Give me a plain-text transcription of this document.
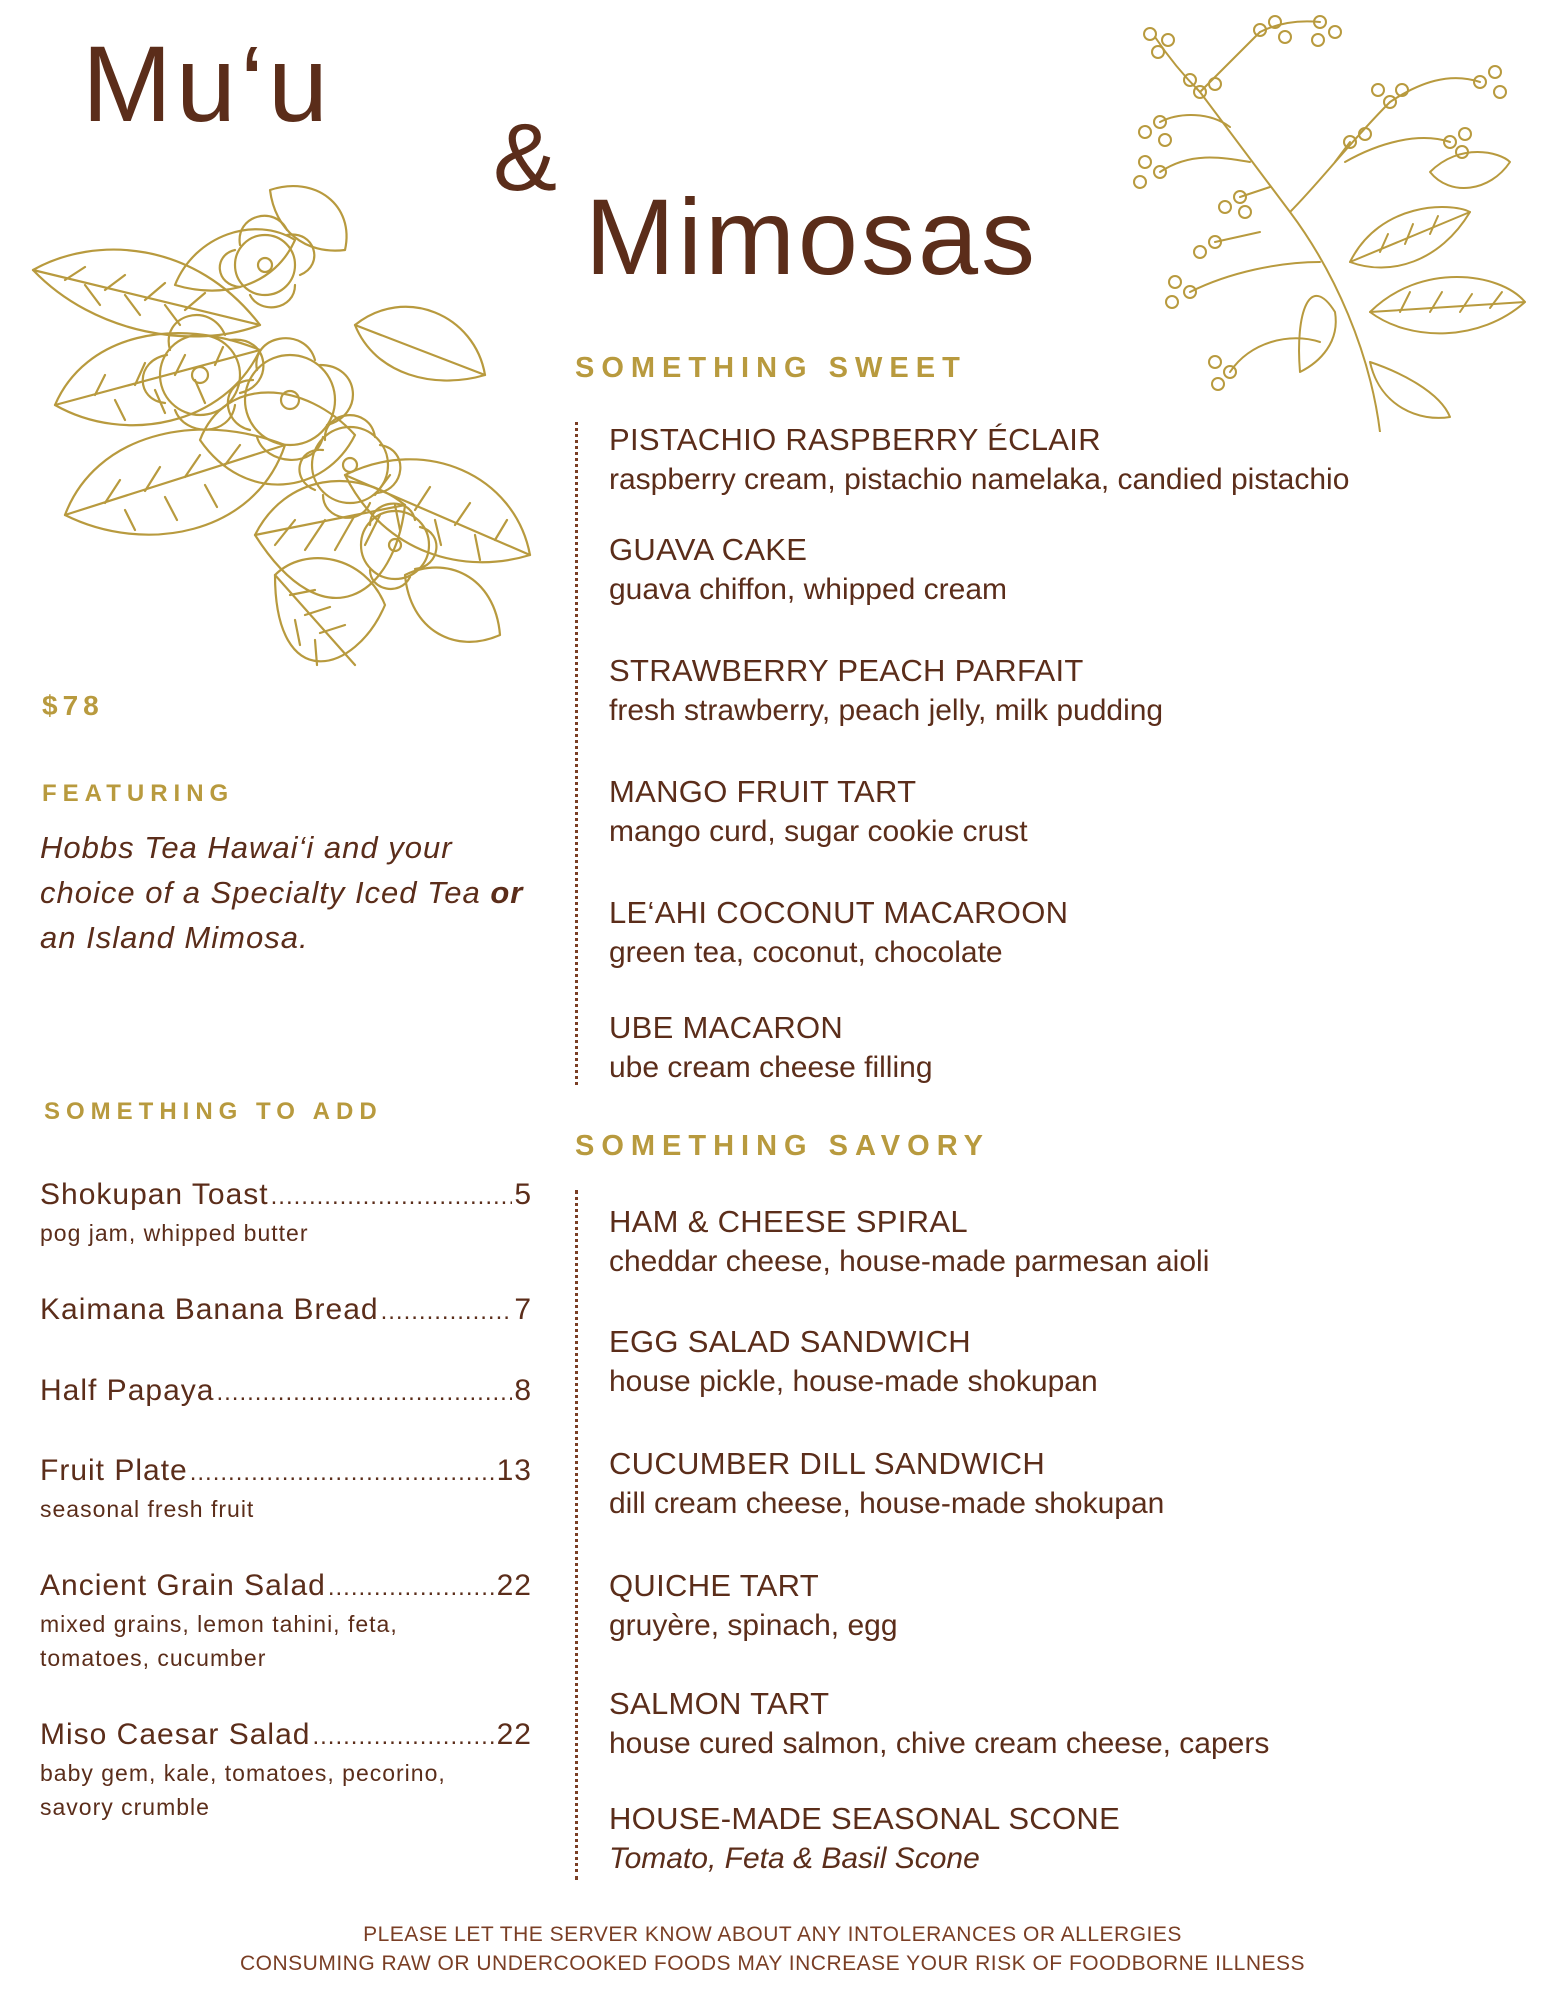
Mu‘u
&
Mimosas
$78
FEATURING
Hobbs Tea Hawai‘i and your choice of a Specialty Iced Tea or an Island Mimosa.
SOMETHING TO ADD
Shokupan Toast .....	5
pog jam, whipped butter
Kaimana Banana Bread .....	7
Half Papaya .....	8
Fruit Plate .....	13
seasonal fresh fruit
Ancient Grain Salad .....	22
mixed grains, lemon tahini, feta, tomatoes, cucumber
Miso Caesar Salad .....	22
baby gem, kale, tomatoes, pecorino, savory crumble
SOMETHING SWEET
PISTACHIO RASPBERRY ÉCLAIR
raspberry cream, pistachio namelaka, candied pistachio
GUAVA CAKE
guava chiffon, whipped cream
STRAWBERRY PEACH PARFAIT
fresh strawberry, peach jelly, milk pudding
MANGO FRUIT TART
mango curd, sugar cookie crust
LE‘AHI COCONUT MACAROON
green tea, coconut, chocolate
UBE MACARON
ube cream cheese filling
SOMETHING SAVORY
HAM & CHEESE SPIRAL
cheddar cheese, house-made parmesan aioli
EGG SALAD SANDWICH
house pickle, house-made shokupan
CUCUMBER DILL SANDWICH
dill cream cheese, house-made shokupan
QUICHE TART
gruyère, spinach, egg
SALMON TART
house cured salmon, chive cream cheese, capers
HOUSE-MADE SEASONAL SCONE
Tomato, Feta & Basil Scone
PLEASE LET THE SERVER KNOW ABOUT ANY INTOLERANCES OR ALLERGIES
CONSUMING RAW OR UNDERCOOKED FOODS MAY INCREASE YOUR RISK OF FOODBORNE ILLNESS
